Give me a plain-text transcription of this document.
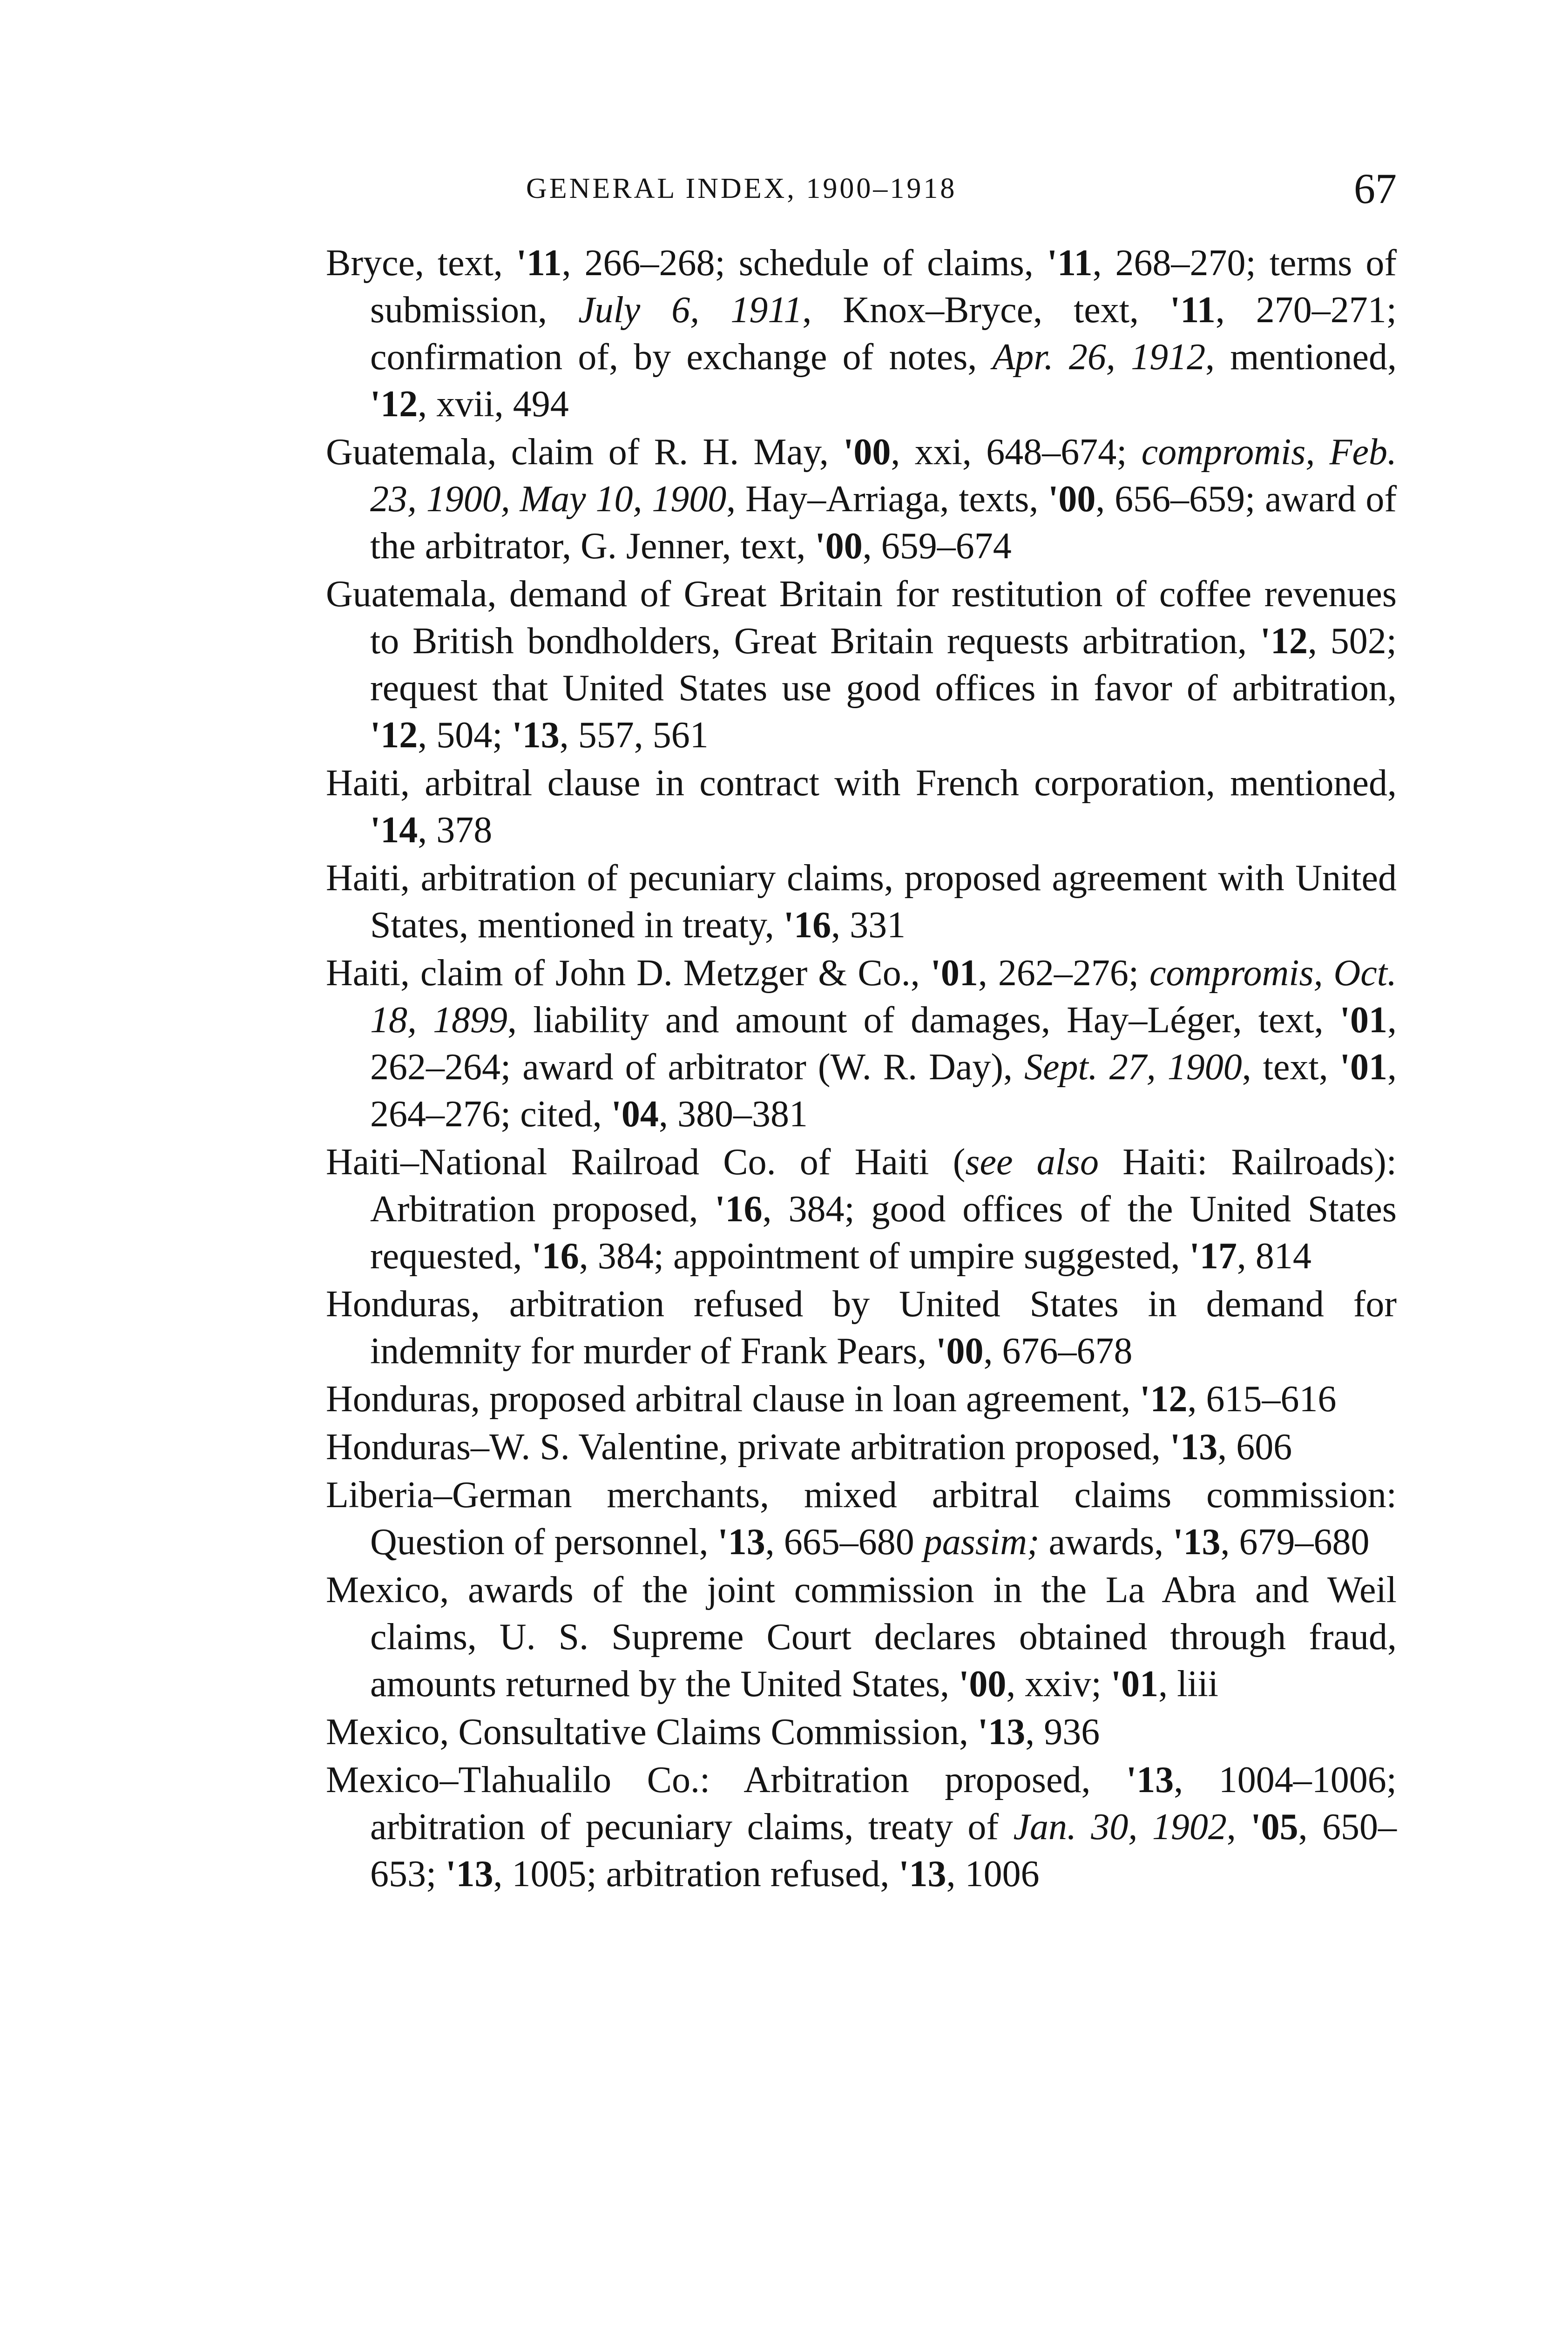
GENERAL INDEX, 1900–1918	67

Bryce, text, '11, 266–268; schedule of claims, '11, 268–270; terms of submission, July 6, 1911, Knox–Bryce, text, '11, 270–271; confirmation of, by exchange of notes, Apr. 26, 1912, mentioned, '12, xvii, 494

Guatemala, claim of R. H. May, '00, xxi, 648–674; compromis, Feb. 23, 1900, May 10, 1900, Hay–Arriaga, texts, '00, 656–659; award of the arbitrator, G. Jenner, text, '00, 659–674

Guatemala, demand of Great Britain for restitution of coffee revenues to British bondholders, Great Britain requests arbitration, '12, 502; request that United States use good offices in favor of arbitration, '12, 504; '13, 557, 561

Haiti, arbitral clause in contract with French corporation, mentioned, '14, 378

Haiti, arbitration of pecuniary claims, proposed agreement with United States, mentioned in treaty, '16, 331

Haiti, claim of John D. Metzger & Co., '01, 262–276; compromis, Oct. 18, 1899, liability and amount of damages, Hay–Léger, text, '01, 262–264; award of arbitrator (W. R. Day), Sept. 27, 1900, text, '01, 264–276; cited, '04, 380–381

Haiti–National Railroad Co. of Haiti (see also Haiti: Railroads): Arbitration proposed, '16, 384; good offices of the United States requested, '16, 384; appointment of umpire suggested, '17, 814

Honduras, arbitration refused by United States in demand for indemnity for murder of Frank Pears, '00, 676–678

Honduras, proposed arbitral clause in loan agreement, '12, 615–616

Honduras–W. S. Valentine, private arbitration proposed, '13, 606

Liberia–German merchants, mixed arbitral claims commission: Question of personnel, '13, 665–680 passim; awards, '13, 679–680

Mexico, awards of the joint commission in the La Abra and Weil claims, U. S. Supreme Court declares obtained through fraud, amounts returned by the United States, '00, xxiv; '01, liii

Mexico, Consultative Claims Commission, '13, 936

Mexico–Tlahualilo Co.: Arbitration proposed, '13, 1004–1006; arbitration of pecuniary claims, treaty of Jan. 30, 1902, '05, 650–653; '13, 1005; arbitration refused, '13, 1006
